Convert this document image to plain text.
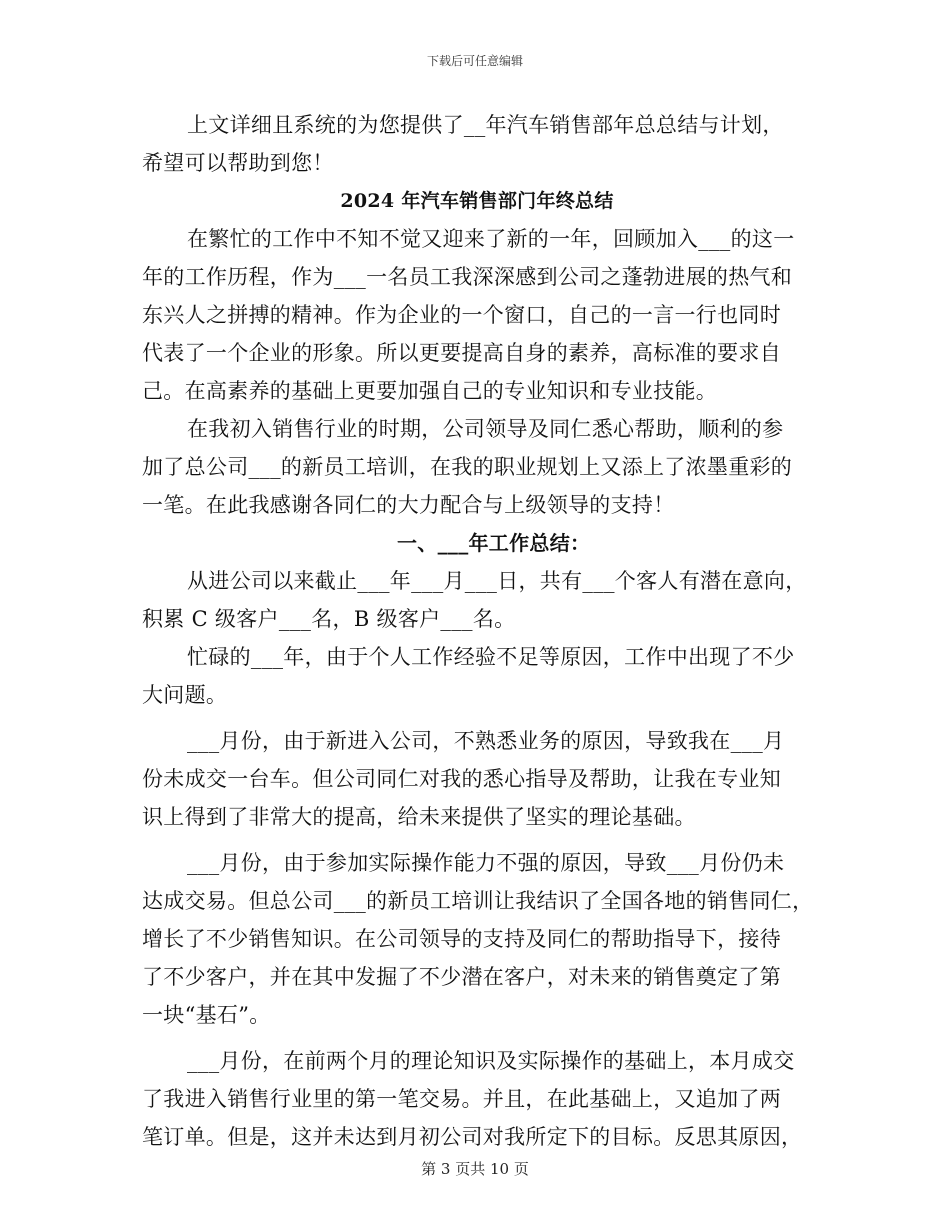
下载后可任意编辑
上文详细且系统的为您提供了__年汽车销售部年总总结与计划，
希望可以帮助到您！
2024 年汽车销售部门年终总结
在繁忙的工作中不知不觉又迎来了新的一年，回顾加入___的这一
年的工作历程，作为___一名员工我深深感到公司之蓬勃进展的热气和
东兴人之拼搏的精神。作为企业的一个窗口，自己的一言一行也同时
代表了一个企业的形象。所以更要提高自身的素养，高标准的要求自
己。在高素养的基础上更要加强自己的专业知识和专业技能。
在我初入销售行业的时期，公司领导及同仁悉心帮助，顺利的参
加了总公司___的新员工培训，在我的职业规划上又添上了浓墨重彩的
一笔。在此我感谢各同仁的大力配合与上级领导的支持！
一、___年工作总结：
从进公司以来截止___年___月___日，共有___个客人有潜在意向，
积累 C 级客户___名，B 级客户___名。
忙碌的___年，由于个人工作经验不足等原因，工作中出现了不少
大问题。
___月份，由于新进入公司，不熟悉业务的原因，导致我在___月
份未成交一台车。但公司同仁对我的悉心指导及帮助，让我在专业知
识上得到了非常大的提高，给未来提供了坚实的理论基础。
___月份，由于参加实际操作能力不强的原因，导致___月份仍未
达成交易。但总公司___的新员工培训让我结识了全国各地的销售同仁，
增长了不少销售知识。在公司领导的支持及同仁的帮助指导下，接待
了不少客户，并在其中发掘了不少潜在客户，对未来的销售奠定了第
一块“基石”。
___月份，在前两个月的理论知识及实际操作的基础上，本月成交
了我进入销售行业里的第一笔交易。并且，在此基础上，又追加了两
笔订单。但是，这并未达到月初公司对我所定下的目标。反思其原因，
第 3 页共 10 页
